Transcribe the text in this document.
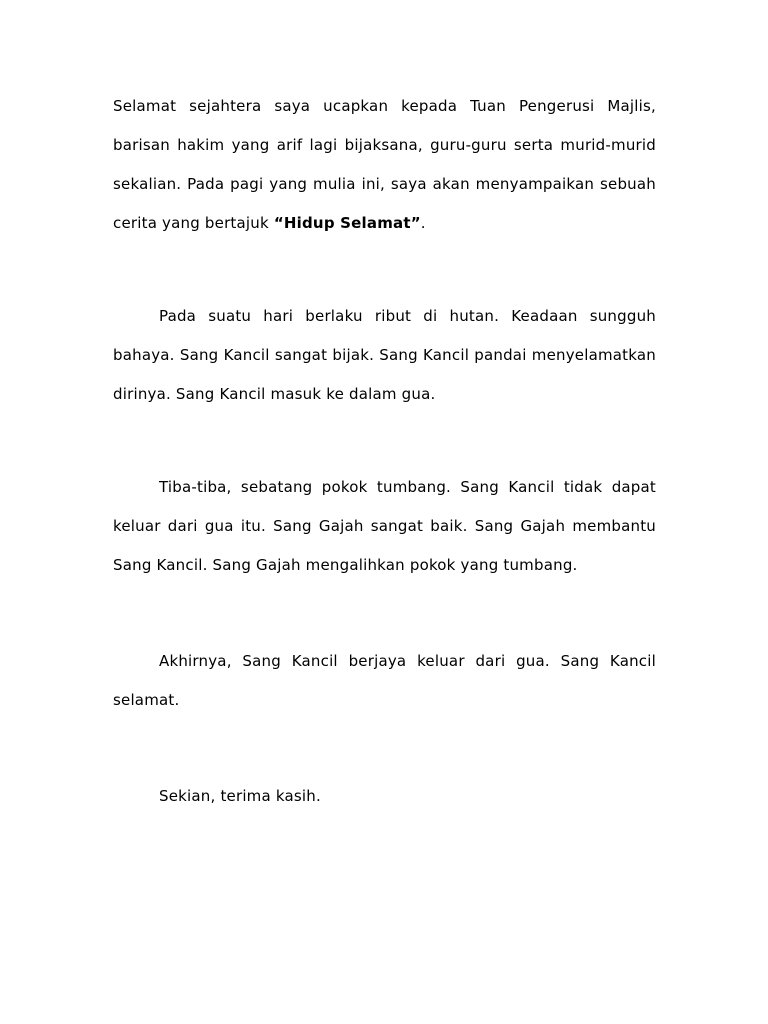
Selamat sejahtera saya ucapkan kepada Tuan Pengerusi Majlis, barisan hakim yang arif lagi bijaksana, guru-guru serta murid-murid sekalian. Pada pagi yang mulia ini, saya akan menyampaikan sebuah cerita yang bertajuk “Hidup Selamat”.

Pada suatu hari berlaku ribut di hutan. Keadaan sungguh bahaya. Sang Kancil sangat bijak. Sang Kancil pandai menyelamatkan dirinya. Sang Kancil masuk ke dalam gua.

Tiba-tiba, sebatang pokok tumbang. Sang Kancil tidak dapat keluar dari gua itu. Sang Gajah sangat baik. Sang Gajah membantu Sang Kancil. Sang Gajah mengalihkan pokok yang tumbang.

Akhirnya, Sang Kancil berjaya keluar dari gua. Sang Kancil selamat.

Sekian, terima kasih.
